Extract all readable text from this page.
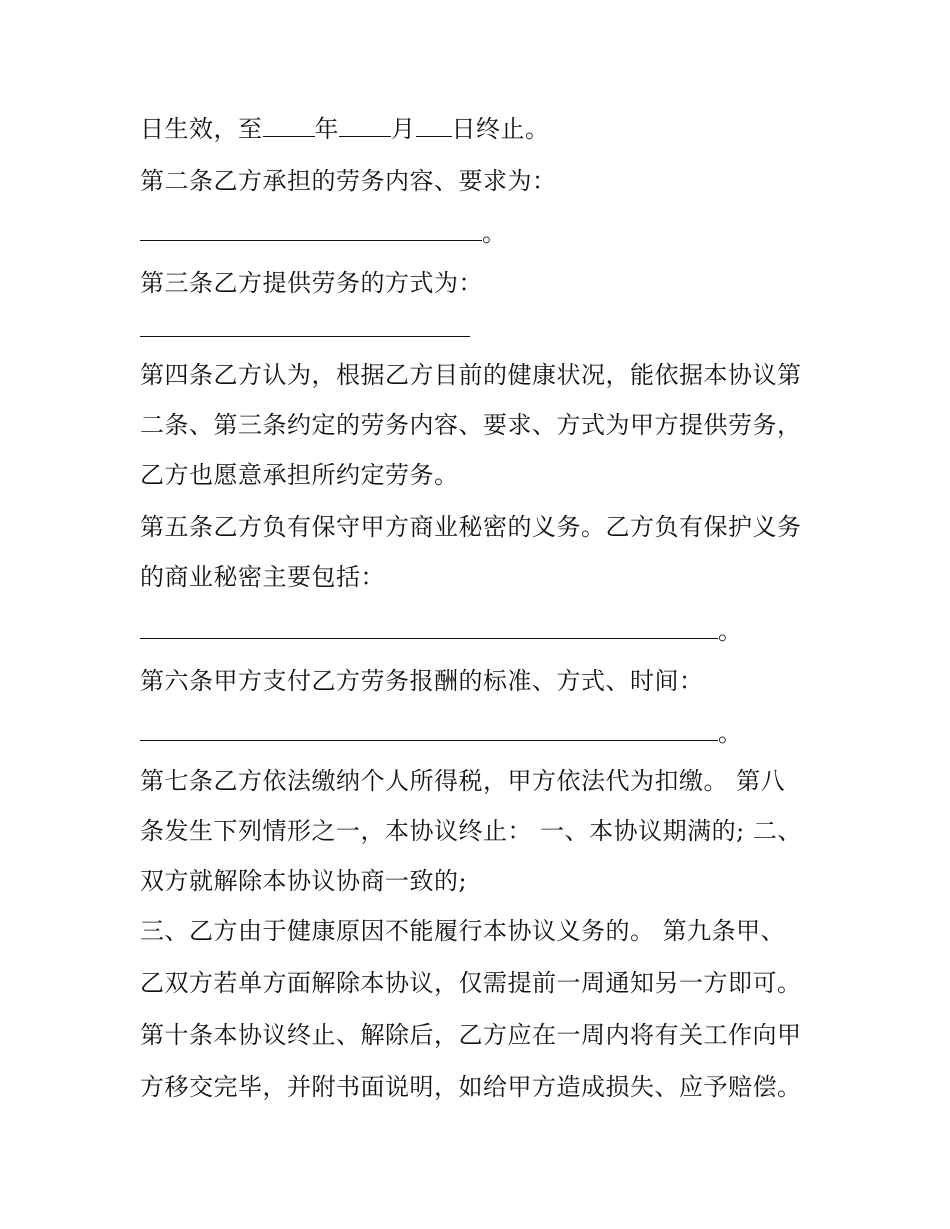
日生效，至 年 月 日终止。
第二条乙方承担的劳务内容、要求为：
。
第三条乙方提供劳务的方式为：
第四条乙方认为，根据乙方目前的健康状况，能依据本协议第
二条、第三条约定的劳务内容、要求、方式为甲方提供劳务，
乙方也愿意承担所约定劳务。
第五条乙方负有保守甲方商业秘密的义务。乙方负有保护义务
的商业秘密主要包括：
。
第六条甲方支付乙方劳务报酬的标准、方式、时间：
。
第七条乙方依法缴纳个人所得税，甲方依法代为扣缴。 第八
条发生下列情形之一，本协议终止： 一、本协议期满的; 二、
双方就解除本协议协商一致的;
三、乙方由于健康原因不能履行本协议义务的。 第九条甲、
乙双方若单方面解除本协议，仅需提前一周通知另一方即可。
第十条本协议终止、解除后，乙方应在一周内将有关工作向甲
方移交完毕，并附书面说明，如给甲方造成损失、应予赔偿。
